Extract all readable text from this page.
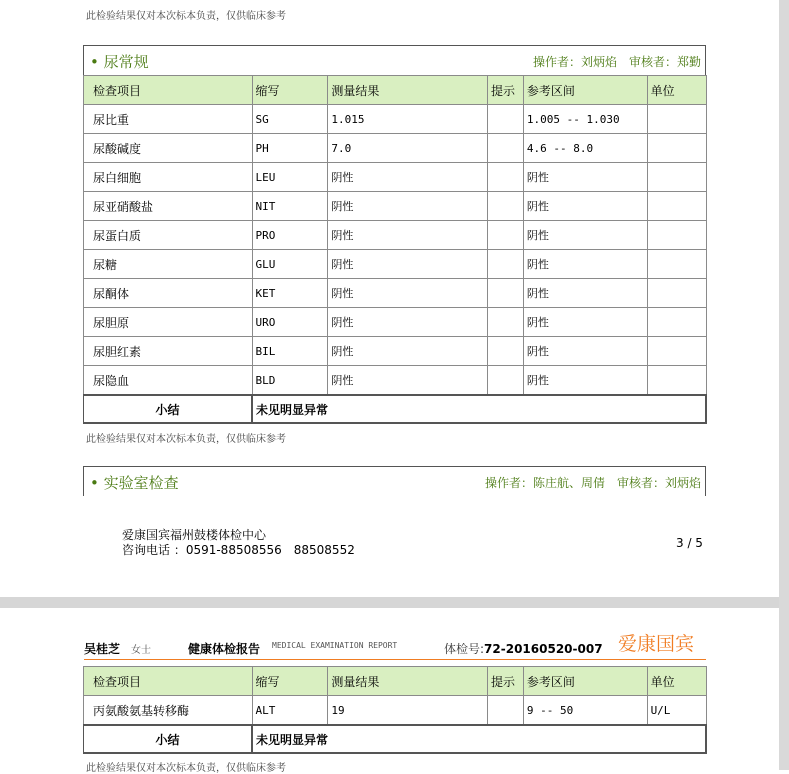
此检验结果仅对本次标本负责，仅供临床参考
• 尿常规	操作者：刘炳焰　审核者：郑勤
检查项目	缩写	测量结果	提示	参考区间	单位
尿比重	SG	1.015		1.005 -- 1.030	
尿酸碱度	PH	7.0		4.6 -- 8.0	
尿白细胞	LEU	阴性		阴性	
尿亚硝酸盐	NIT	阴性		阴性	
尿蛋白质	PRO	阴性		阴性	
尿糖	GLU	阴性		阴性	
尿酮体	KET	阴性		阴性	
尿胆原	URO	阴性		阴性	
尿胆红素	BIL	阴性		阴性	
尿隐血	BLD	阴性		阴性	
小结	未见明显异常				
此检验结果仅对本次标本负责，仅供临床参考
• 实验室检查	操作者：陈庄航、周倩　审核者：刘炳焰
爱康国宾福州鼓楼体检中心
咨询电话 ：0591-88508556　88508552	3 / 5
吴桂芝 女士	健康体检报告 MEDICAL EXAMINATION REPORT	体检号:72-20160520-007 爱康国宾
检查项目	缩写	测量结果	提示	参考区间	单位
丙氨酸氨基转移酶	ALT	19		9 -- 50	U/L
小结	未见明显异常				
此检验结果仅对本次标本负责，仅供临床参考
